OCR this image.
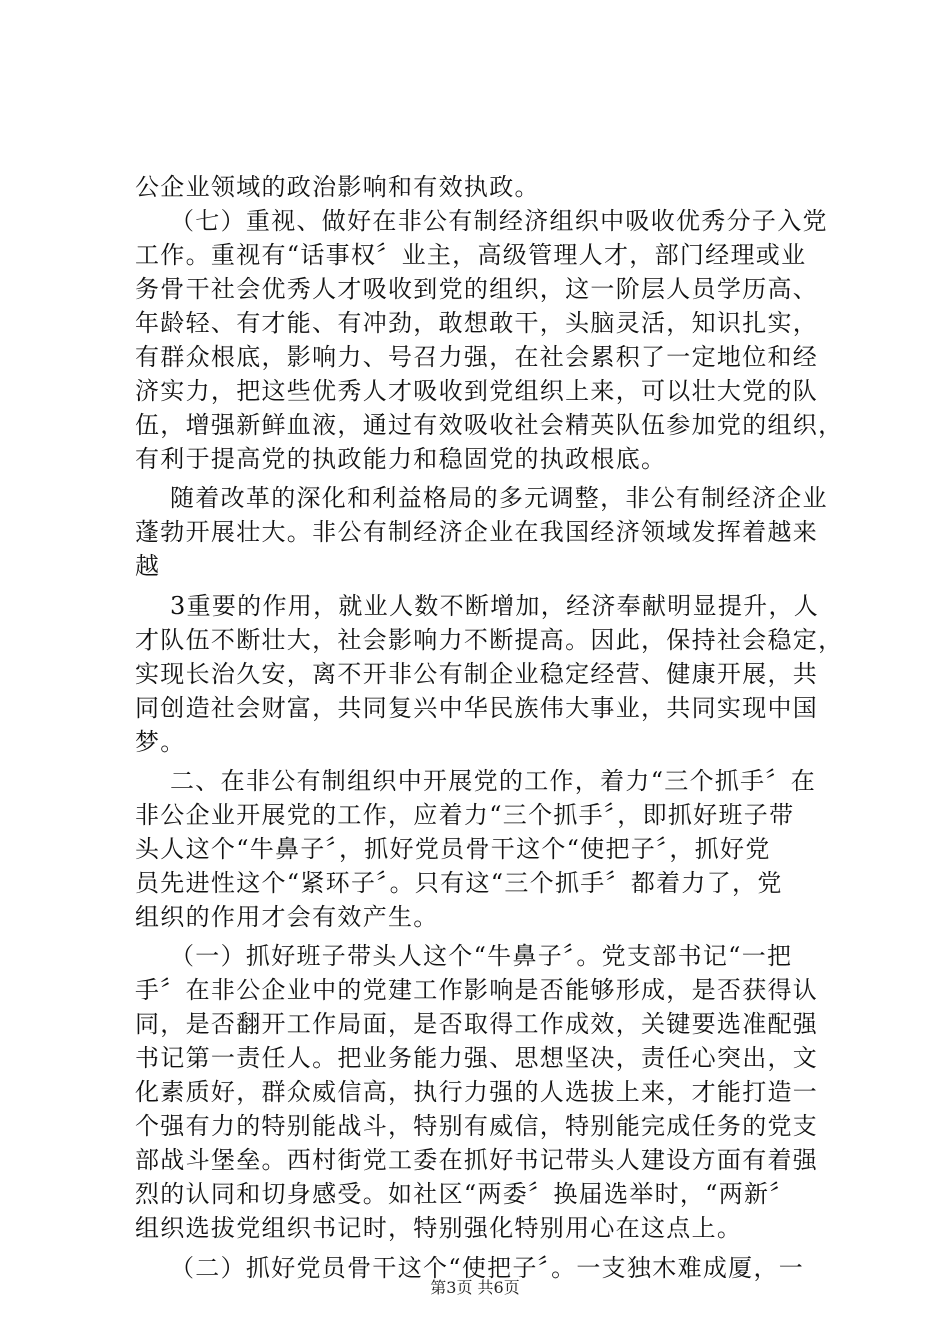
公企业领域的政治影响和有效执政。
（七）重视、做好在非公有制经济组织中吸收优秀分子入党
工作。重视有“话事权〞业主，高级管理人才，部门经理或业
务骨干社会优秀人才吸收到党的组织，这一阶层人员学历高、
年龄轻、有才能、有冲劲，敢想敢干，头脑灵活，知识扎实，
有群众根底，影响力、号召力强，在社会累积了一定地位和经
济实力，把这些优秀人才吸收到党组织上来，可以壮大党的队
伍，增强新鲜血液，通过有效吸收社会精英队伍参加党的组织，
有利于提高党的执政能力和稳固党的执政根底。
随着改革的深化和利益格局的多元调整，非公有制经济企业
蓬勃开展壮大。非公有制经济企业在我国经济领域发挥着越来
越
3重要的作用，就业人数不断增加，经济奉献明显提升，人
才队伍不断壮大，社会影响力不断提高。因此，保持社会稳定，
实现长治久安，离不开非公有制企业稳定经营、健康开展，共
同创造社会财富，共同复兴中华民族伟大事业，共同实现中国
梦。
二、在非公有制组织中开展党的工作，着力“三个抓手〞在
非公企业开展党的工作，应着力“三个抓手〞，即抓好班子带
头人这个“牛鼻子〞，抓好党员骨干这个“使把子〞，抓好党
员先进性这个“紧环子〞。只有这“三个抓手〞都着力了，党
组织的作用才会有效产生。
（一）抓好班子带头人这个“牛鼻子〞。党支部书记“一把
手〞在非公企业中的党建工作影响是否能够形成，是否获得认
同，是否翻开工作局面，是否取得工作成效，关键要选准配强
书记第一责任人。把业务能力强、思想坚决，责任心突出，文
化素质好，群众威信高，执行力强的人选拔上来，才能打造一
个强有力的特别能战斗，特别有威信，特别能完成任务的党支
部战斗堡垒。西村街党工委在抓好书记带头人建设方面有着强
烈的认同和切身感受。如社区“两委〞换届选举时，“两新〞
组织选拔党组织书记时，特别强化特别用心在这点上。
（二）抓好党员骨干这个“使把子〞。一支独木难成厦，一
第3页 共6页
